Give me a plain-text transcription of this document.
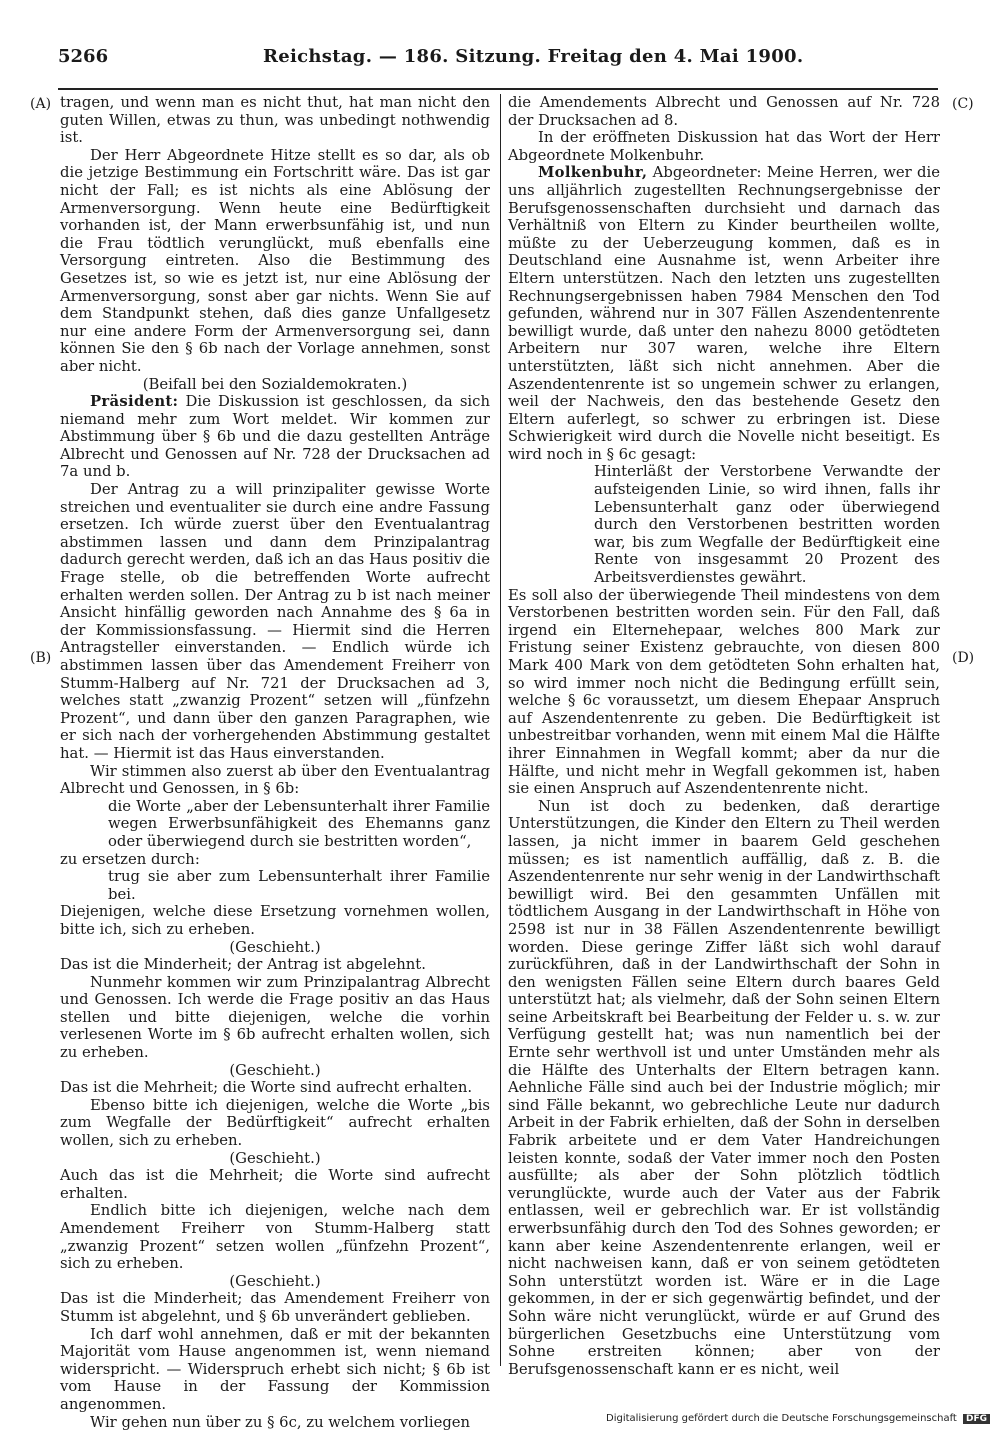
5266	Reichstag. — 186. Sitzung. Freitag den 4. Mai 1900.
(A)
(B)
(C)
(D)

tragen, und wenn man es nicht thut, hat man nicht den guten Willen, etwas zu thun, was unbedingt nothwendig ist.

Der Herr Abgeordnete Hitze stellt es so dar, als ob die jetzige Bestimmung ein Fortschritt wäre. Das ist gar nicht der Fall; es ist nichts als eine Ablösung der Armenversorgung. Wenn heute eine Bedürftigkeit vorhanden ist, der Mann erwerbsunfähig ist, und nun die Frau tödtlich verunglückt, muß ebenfalls eine Versorgung eintreten. Also die Bestimmung des Gesetzes ist, so wie es jetzt ist, nur eine Ablösung der Armenversorgung, sonst aber gar nichts. Wenn Sie auf dem Standpunkt stehen, daß dies ganze Unfallgesetz nur eine andere Form der Armenversorgung sei, dann können Sie den § 6b nach der Vorlage annehmen, sonst aber nicht.

(Beifall bei den Sozialdemokraten.)

Präsident: Die Diskussion ist geschlossen, da sich niemand mehr zum Wort meldet. Wir kommen zur Abstimmung über § 6b und die dazu gestellten Anträge Albrecht und Genossen auf Nr. 728 der Drucksachen ad 7a und b.

Der Antrag zu a will prinzipaliter gewisse Worte streichen und eventualiter sie durch eine andre Fassung ersetzen. Ich würde zuerst über den Eventualantrag abstimmen lassen und dann dem Prinzipalantrag dadurch gerecht werden, daß ich an das Haus positiv die Frage stelle, ob die betreffenden Worte aufrecht erhalten werden sollen. Der Antrag zu b ist nach meiner Ansicht hinfällig geworden nach Annahme des § 6a in der Kommissionsfassung. — Hiermit sind die Herren Antragsteller einverstanden. — Endlich würde ich abstimmen lassen über das Amendement Freiherr von Stumm-Halberg auf Nr. 721 der Drucksachen ad 3, welches statt „zwanzig Prozent“ setzen will „fünfzehn Prozent“, und dann über den ganzen Paragraphen, wie er sich nach der vorhergehenden Abstimmung gestaltet hat. — Hiermit ist das Haus einverstanden.

Wir stimmen also zuerst ab über den Eventualantrag Albrecht und Genossen, in § 6b:

die Worte „aber der Lebensunterhalt ihrer Familie wegen Erwerbsunfähigkeit des Ehemanns ganz oder überwiegend durch sie bestritten worden“,

zu ersetzen durch:

trug sie aber zum Lebensunterhalt ihrer Familie bei.

Diejenigen, welche diese Ersetzung vornehmen wollen, bitte ich, sich zu erheben.

(Geschieht.)

Das ist die Minderheit; der Antrag ist abgelehnt.

Nunmehr kommen wir zum Prinzipalantrag Albrecht und Genossen. Ich werde die Frage positiv an das Haus stellen und bitte diejenigen, welche die vorhin verlesenen Worte im § 6b aufrecht erhalten wollen, sich zu erheben.

(Geschieht.)

Das ist die Mehrheit; die Worte sind aufrecht erhalten.

Ebenso bitte ich diejenigen, welche die Worte „bis zum Wegfalle der Bedürftigkeit“ aufrecht erhalten wollen, sich zu erheben.

(Geschieht.)

Auch das ist die Mehrheit; die Worte sind aufrecht erhalten.

Endlich bitte ich diejenigen, welche nach dem Amendement Freiherr von Stumm-Halberg statt „zwanzig Prozent“ setzen wollen „fünfzehn Prozent“, sich zu erheben.

(Geschieht.)

Das ist die Minderheit; das Amendement Freiherr von Stumm ist abgelehnt, und § 6b unverändert geblieben.

Ich darf wohl annehmen, daß er mit der bekannten Majorität vom Hause angenommen ist, wenn niemand widerspricht. — Widerspruch erhebt sich nicht; § 6b ist vom Hause in der Fassung der Kommission angenommen.

Wir gehen nun über zu § 6c, zu welchem vorliegen

die Amendements Albrecht und Genossen auf Nr. 728 der Drucksachen ad 8.

In der eröffneten Diskussion hat das Wort der Herr Abgeordnete Molkenbuhr.

Molkenbuhr, Abgeordneter: Meine Herren, wer die uns alljährlich zugestellten Rechnungsergebnisse der Berufsgenossenschaften durchsieht und darnach das Verhältniß von Eltern zu Kinder beurtheilen wollte, müßte zu der Ueberzeugung kommen, daß es in Deutschland eine Ausnahme ist, wenn Arbeiter ihre Eltern unterstützen. Nach den letzten uns zugestellten Rechnungsergebnissen haben 7984 Menschen den Tod gefunden, während nur in 307 Fällen Aszendentenrente bewilligt wurde, daß unter den nahezu 8000 getödteten Arbeitern nur 307 waren, welche ihre Eltern unterstützten, läßt sich nicht annehmen. Aber die Aszendentenrente ist so ungemein schwer zu erlangen, weil der Nachweis, den das bestehende Gesetz den Eltern auferlegt, so schwer zu erbringen ist. Diese Schwierigkeit wird durch die Novelle nicht beseitigt. Es wird noch in § 6c gesagt:

Hinterläßt der Verstorbene Verwandte der aufsteigenden Linie, so wird ihnen, falls ihr Lebensunterhalt ganz oder überwiegend durch den Verstorbenen bestritten worden war, bis zum Wegfalle der Bedürftigkeit eine Rente von insgesammt 20 Prozent des Arbeitsverdienstes gewährt.

Es soll also der überwiegende Theil mindestens von dem Verstorbenen bestritten worden sein. Für den Fall, daß irgend ein Elternehepaar, welches 800 Mark zur Fristung seiner Existenz gebrauchte, von diesen 800 Mark 400 Mark von dem getödteten Sohn erhalten hat, so wird immer noch nicht die Bedingung erfüllt sein, welche § 6c voraussetzt, um diesem Ehepaar Anspruch auf Aszendentenrente zu geben. Die Bedürftigkeit ist unbestreitbar vorhanden, wenn mit einem Mal die Hälfte ihrer Einnahmen in Wegfall kommt; aber da nur die Hälfte, und nicht mehr in Wegfall gekommen ist, haben sie einen Anspruch auf Aszendentenrente nicht.

Nun ist doch zu bedenken, daß derartige Unterstützungen, die Kinder den Eltern zu Theil werden lassen, ja nicht immer in baarem Geld geschehen müssen; es ist namentlich auffällig, daß z. B. die Aszendentenrente nur sehr wenig in der Landwirthschaft bewilligt wird. Bei den gesammten Unfällen mit tödtlichem Ausgang in der Landwirthschaft in Höhe von 2598 ist nur in 38 Fällen Aszendentenrente bewilligt worden. Diese geringe Ziffer läßt sich wohl darauf zurückführen, daß in der Landwirthschaft der Sohn in den wenigsten Fällen seine Eltern durch baares Geld unterstützt hat; als vielmehr, daß der Sohn seinen Eltern seine Arbeitskraft bei Bearbeitung der Felder u. s. w. zur Verfügung gestellt hat; was nun namentlich bei der Ernte sehr werthvoll ist und unter Umständen mehr als die Hälfte des Unterhalts der Eltern betragen kann. Aehnliche Fälle sind auch bei der Industrie möglich; mir sind Fälle bekannt, wo gebrechliche Leute nur dadurch Arbeit in der Fabrik erhielten, daß der Sohn in derselben Fabrik arbeitete und er dem Vater Handreichungen leisten konnte, sodaß der Vater immer noch den Posten ausfüllte; als aber der Sohn plötzlich tödtlich verunglückte, wurde auch der Vater aus der Fabrik entlassen, weil er gebrechlich war. Er ist vollständig erwerbsunfähig durch den Tod des Sohnes geworden; er kann aber keine Aszendentenrente erlangen, weil er nicht nachweisen kann, daß er von seinem getödteten Sohn unterstützt worden ist. Wäre er in die Lage gekommen, in der er sich gegenwärtig befindet, und der Sohn wäre nicht verunglückt, würde er auf Grund des bürgerlichen Gesetzbuchs eine Unterstützung vom Sohne erstreiten können; aber von der Berufsgenossenschaft kann er es nicht, weil

Digitalisierung gefördert durch die Deutsche Forschungsgemeinschaft DFG
